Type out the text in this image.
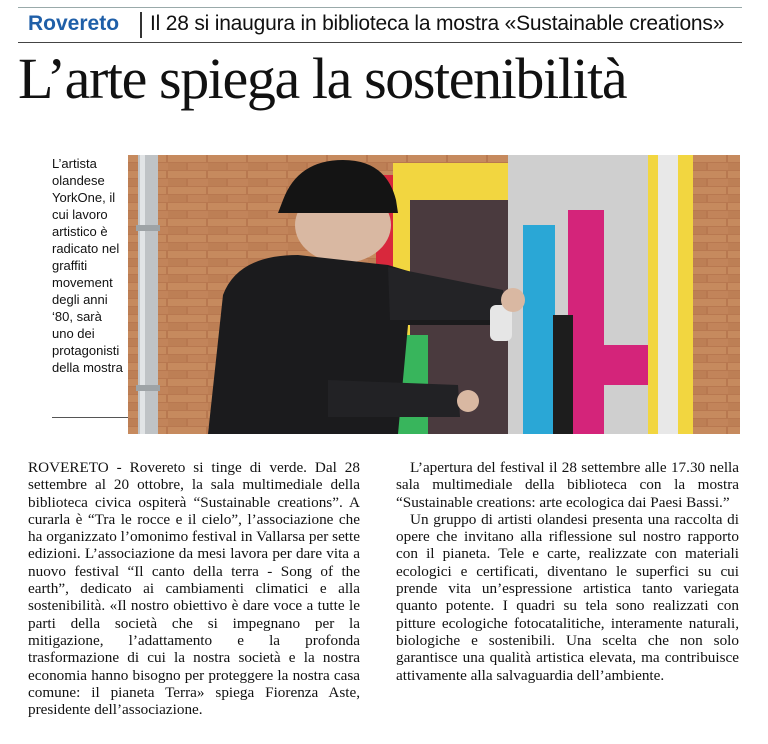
Rovereto Il 28 si inaugura in biblioteca la mostra «Sustainable creations»
L’arte spiega la sostenibilità
L’artista olandese YorkOne, il cui lavoro artistico è radicato nel graffiti movement degli anni ‘80, sarà uno dei protagonisti della mostra

ROVERETO - Rovereto si tinge di verde. Dal 28 settembre al 20 ottobre, la sala multimediale della biblioteca civica ospiterà “Sustainable creations”. A curarla è “Tra le rocce e il cielo”, l’associazione che ha organizzato l’omonimo festival in Vallarsa per sette edizioni. L’associazione da mesi lavora per dare vita a nuovo festival “Il canto della terra - Song of the earth”, dedicato ai cambiamenti climatici e alla sostenibilità. «Il nostro obiettivo è dare voce a tutte le parti della società che si impegnano per la mitigazione, l’adattamento e la profonda trasformazione di cui la nostra società e la nostra economia hanno bisogno per proteggere la nostra casa comune: il pianeta Terra» spiega Fiorenza Aste, presidente dell’associazione.

L’apertura del festival il 28 settembre alle 17.30 nella sala multimediale della biblioteca con la mostra “Sustainable creations: arte ecologica dai Paesi Bassi.”

Un gruppo di artisti olandesi presenta una raccolta di opere che invitano alla riflessione sul nostro rapporto con il pianeta. Tele e carte, realizzate con materiali ecologici e certificati, diventano le superfici su cui prende vita un’espressione artistica tanto variegata quanto potente. I quadri su tela sono realizzati con pitture ecologiche fotocatalitiche, interamente naturali, biologiche e sostenibili. Una scelta che non solo garantisce una qualità artistica elevata, ma contribuisce attivamente alla salvaguardia dell’ambiente.
